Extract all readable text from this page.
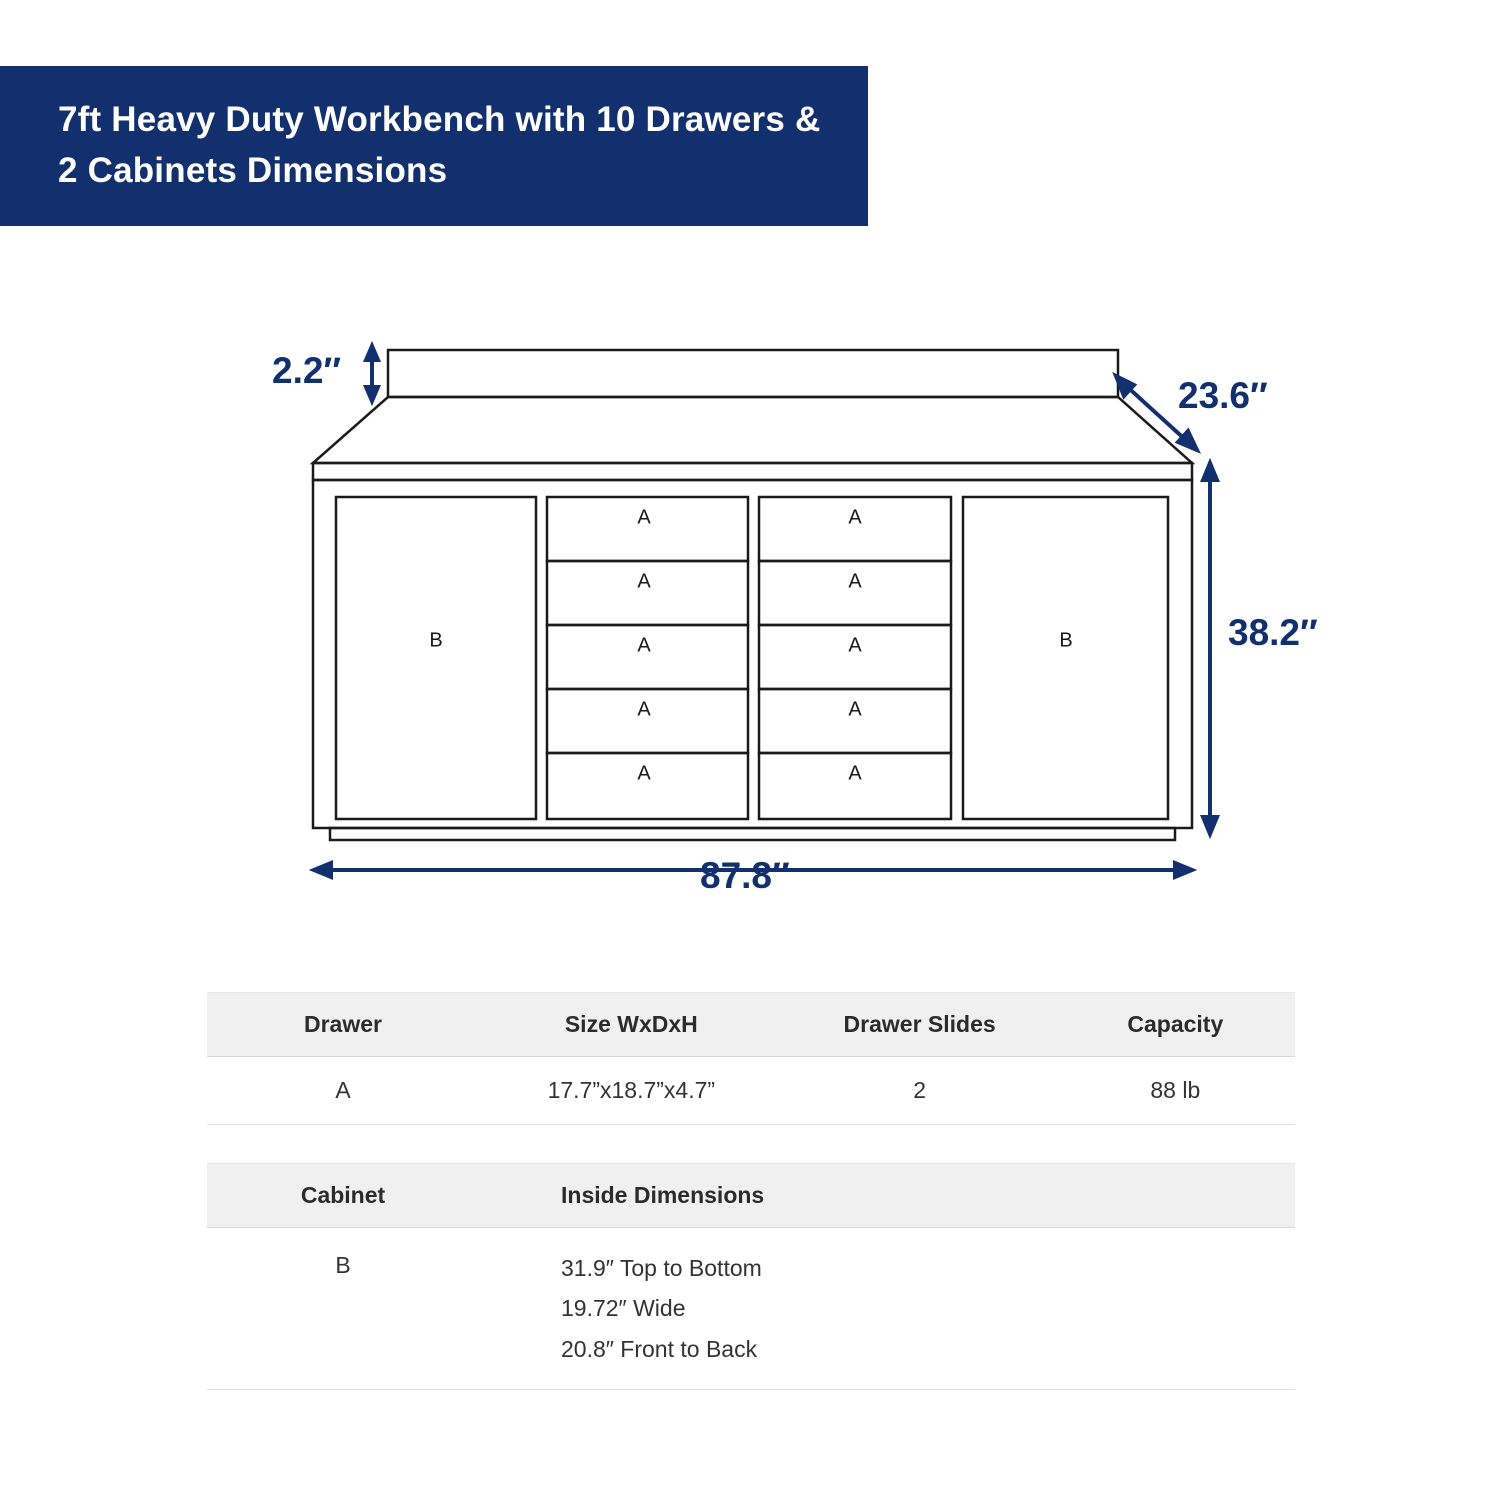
7ft Heavy Duty Workbench with 10 Drawers & 2 Cabinets Dimensions
B	B
A
A
A
A
A
A
A
A
A
A
2.2″
23.6″
38.2″
87.8″
Drawer	Size WxDxH	Drawer Slides	Capacity
A	17.7”x18.7”x4.7”	2	88 lb
Cabinet	Inside Dimensions
B	31.9″ Top to Bottom
19.72″ Wide
20.8″ Front to Back
